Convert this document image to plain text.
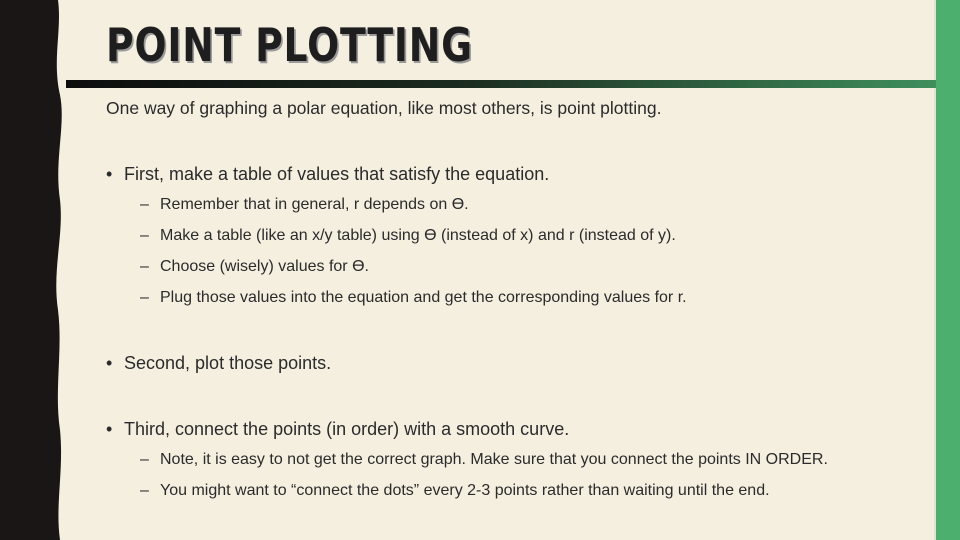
POINT PLOTTING

One way of graphing a polar equation, like most others, is point plotting.

• First, make a table of values that satisfy the equation.
– Remember that in general, r depends on ϴ.
– Make a table (like an x/y table) using ϴ (instead of x) and r (instead of y).
– Choose (wisely) values for ϴ.
– Plug those values into the equation and get the corresponding values for r.
• Second, plot those points.
• Third, connect the points (in order) with a smooth curve.
– Note, it is easy to not get the correct graph. Make sure that you connect the points IN ORDER.
– You might want to “connect the dots” every 2-3 points rather than waiting until the end.
